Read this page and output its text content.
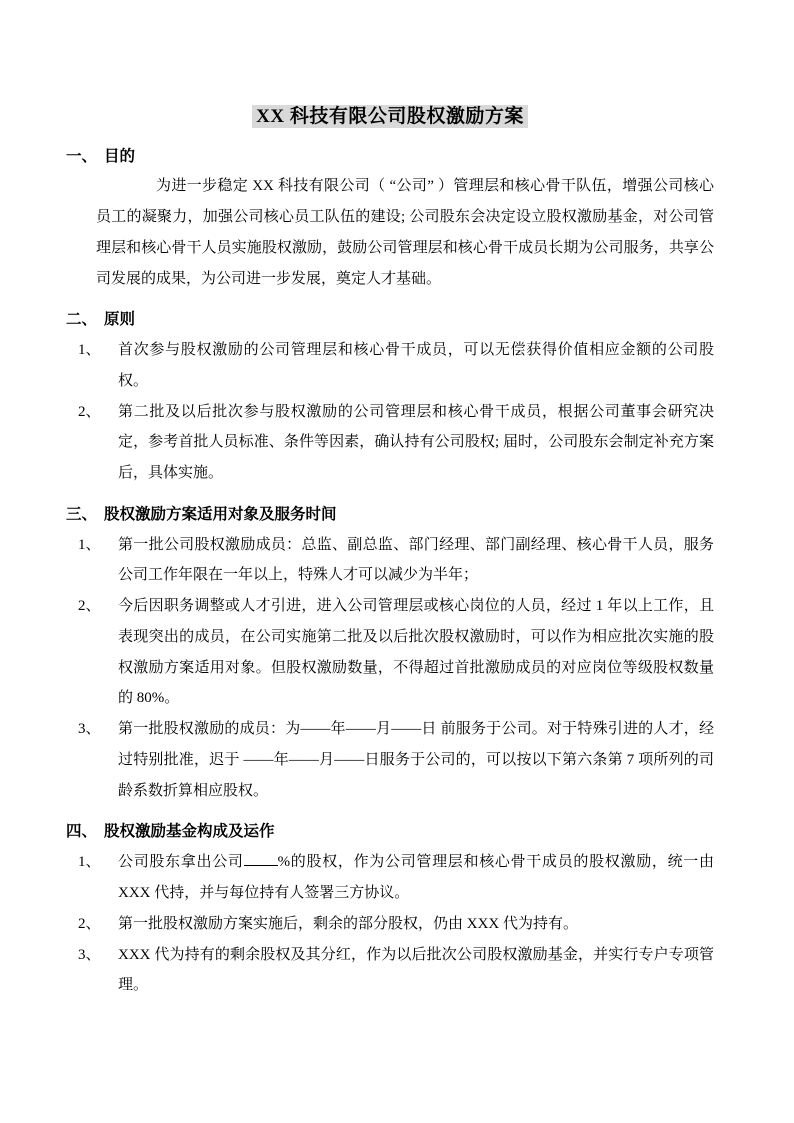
XX 科技有限公司股权激励方案
一、 目的
为进一步稳定 XX 科技有限公司（ “公司” ）管理层和核心骨干队伍，增强公司核心员工的凝聚力，加强公司核心员工队伍的建设; 公司股东会决定设立股权激励基金，对公司管理层和核心骨干人员实施股权激励，鼓励公司管理层和核心骨干成员长期为公司服务，共享公司发展的成果，为公司进一步发展，奠定人才基础。
二、 原则
1、	首次参与股权激励的公司管理层和核心骨干成员，可以无偿获得价值相应金额的公司股权。
2、	第二批及以后批次参与股权激励的公司管理层和核心骨干成员，根据公司董事会研究决定，参考首批人员标准、条件等因素，确认持有公司股权; 届时，公司股东会制定补充方案后，具体实施。
三、 股权激励方案适用对象及服务时间
1、	第一批公司股权激励成员：总监、副总监、部门经理、部门副经理、核心骨干人员，服务公司工作年限在一年以上，特殊人才可以减少为半年；
2、	今后因职务调整或人才引进，进入公司管理层或核心岗位的人员，经过 1 年以上工作，且表现突出的成员，在公司实施第二批及以后批次股权激励时，可以作为相应批次实施的股权激励方案适用对象。但股权激励数量，不得超过首批激励成员的对应岗位等级股权数量的 80%。
3、	第一批股权激励的成员：为——年——月——日 前服务于公司。对于特殊引进的人才，经过特别批准，迟于 ——年——月——日服务于公司的，可以按以下第六条第 7 项所列的司龄系数折算相应股权。
四、 股权激励基金构成及运作
1、	公司股东拿出公司 %的股权，作为公司管理层和核心骨干成员的股权激励，统一由 XXX 代持，并与每位持有人签署三方协议。
2、	第一批股权激励方案实施后，剩余的部分股权，仍由 XXX 代为持有。
3、	XXX 代为持有的剩余股权及其分红，作为以后批次公司股权激励基金，并实行专户专项管理。
